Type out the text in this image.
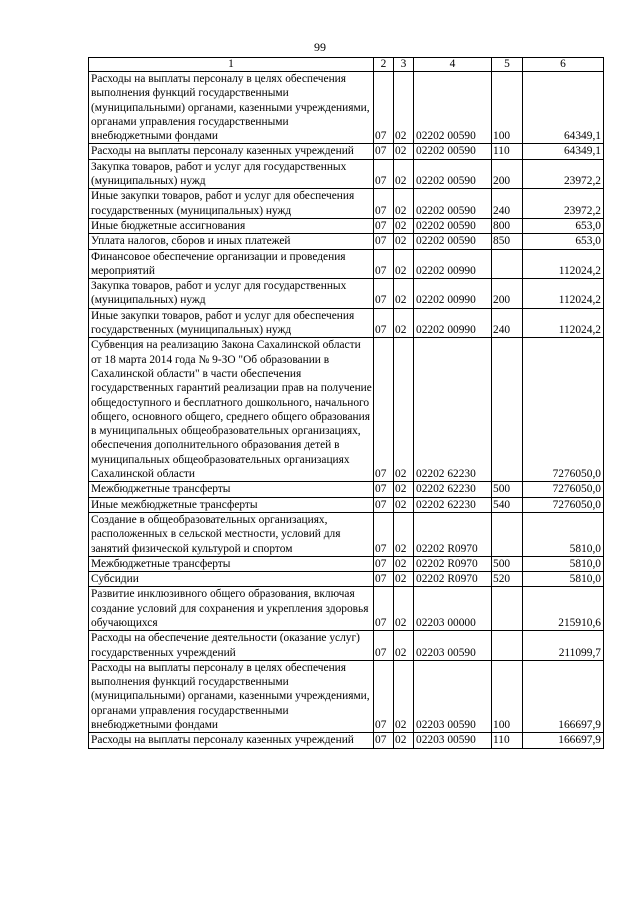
99
1	2	3	4	5	6
Расходы на выплаты персоналу в целях обеспечения выполнения функций государственными (муниципальными) органами, казенными учреждениями, органами управления государственными внебюджетными фондами	07	02	02202 00590	100	64349,1
Расходы на выплаты персоналу казенных учреждений	07	02	02202 00590	110	64349,1
Закупка товаров, работ и услуг для государственных (муниципальных) нужд	07	02	02202 00590	200	23972,2
Иные закупки товаров, работ и услуг для обеспечения государственных (муниципальных) нужд	07	02	02202 00590	240	23972,2
Иные бюджетные ассигнования	07	02	02202 00590	800	653,0
Уплата налогов, сборов и иных платежей	07	02	02202 00590	850	653,0
Финансовое обеспечение организации и проведения мероприятий	07	02	02202 00990		112024,2
Закупка товаров, работ и услуг для государственных (муниципальных) нужд	07	02	02202 00990	200	112024,2
Иные закупки товаров, работ и услуг для обеспечения государственных (муниципальных) нужд	07	02	02202 00990	240	112024,2
Субвенция на реализацию Закона Сахалинской области от 18 марта 2014 года № 9-ЗО "Об образовании в Сахалинской области" в части обеспечения государственных гарантий реализации прав на получение общедоступного и бесплатного дошкольного, начального общего, основного общего, среднего общего образования в муниципальных общеобразовательных организациях, обеспечения дополнительного образования детей в муниципальных общеобразовательных организациях Сахалинской области	07	02	02202 62230		7276050,0
Межбюджетные трансферты	07	02	02202 62230	500	7276050,0
Иные межбюджетные трансферты	07	02	02202 62230	540	7276050,0
Создание в общеобразовательных организациях, расположенных в сельской местности, условий для занятий физической культурой и спортом	07	02	02202 R0970		5810,0
Межбюджетные трансферты	07	02	02202 R0970	500	5810,0
Субсидии	07	02	02202 R0970	520	5810,0
Развитие инклюзивного общего образования, включая создание условий для сохранения и укрепления здоровья обучающихся	07	02	02203 00000		215910,6
Расходы на обеспечение деятельности (оказание услуг) государственных учреждений	07	02	02203 00590		211099,7
Расходы на выплаты персоналу в целях обеспечения выполнения функций государственными (муниципальными) органами, казенными учреждениями, органами управления государственными внебюджетными фондами	07	02	02203 00590	100	166697,9
Расходы на выплаты персоналу казенных учреждений	07	02	02203 00590	110	166697,9
